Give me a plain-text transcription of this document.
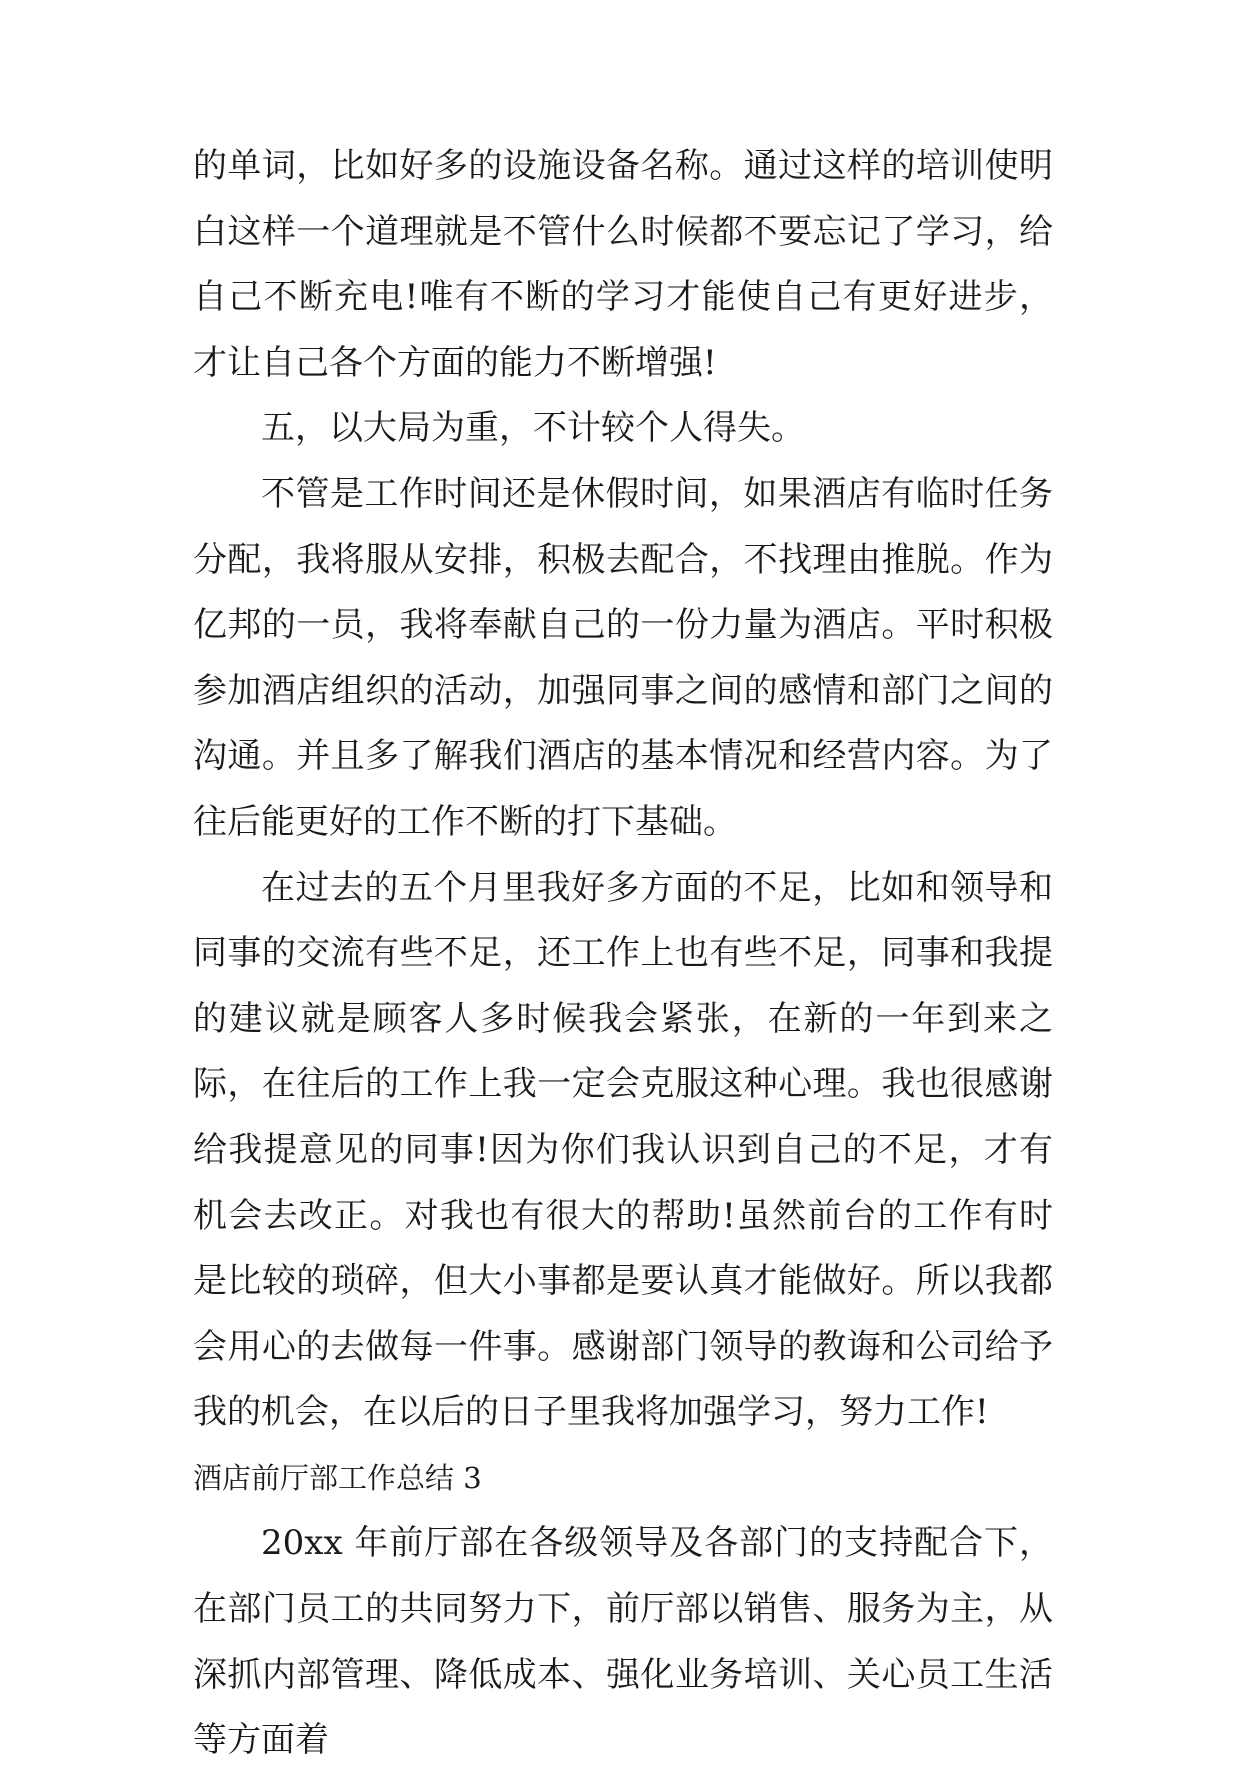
的单词，比如好多的设施设备名称。通过这样的培训使明白这样一个道理就是不管什么时候都不要忘记了学习，给自己不断充电!唯有不断的学习才能使自己有更好进步，才让自己各个方面的能力不断增强!

五，以大局为重，不计较个人得失。

不管是工作时间还是休假时间，如果酒店有临时任务分配，我将服从安排，积极去配合，不找理由推脱。作为亿邦的一员，我将奉献自己的一份力量为酒店。平时积极参加酒店组织的活动，加强同事之间的感情和部门之间的沟通。并且多了解我们酒店的基本情况和经营内容。为了往后能更好的工作不断的打下基础。

在过去的五个月里我好多方面的不足，比如和领导和同事的交流有些不足，还工作上也有些不足，同事和我提的建议就是顾客人多时候我会紧张，在新的一年到来之际，在往后的工作上我一定会克服这种心理。我也很感谢给我提意见的同事!因为你们我认识到自己的不足，才有机会去改正。对我也有很大的帮助!虽然前台的工作有时是比较的琐碎，但大小事都是要认真才能做好。所以我都会用心的去做每一件事。感谢部门领导的教诲和公司给予我的机会，在以后的日子里我将加强学习，努力工作!

酒店前厅部工作总结 3

20xx 年前厅部在各级领导及各部门的支持配合下，在部门员工的共同努力下，前厅部以销售、服务为主，从深抓内部管理、降低成本、强化业务培训、关心员工生活等方面着
